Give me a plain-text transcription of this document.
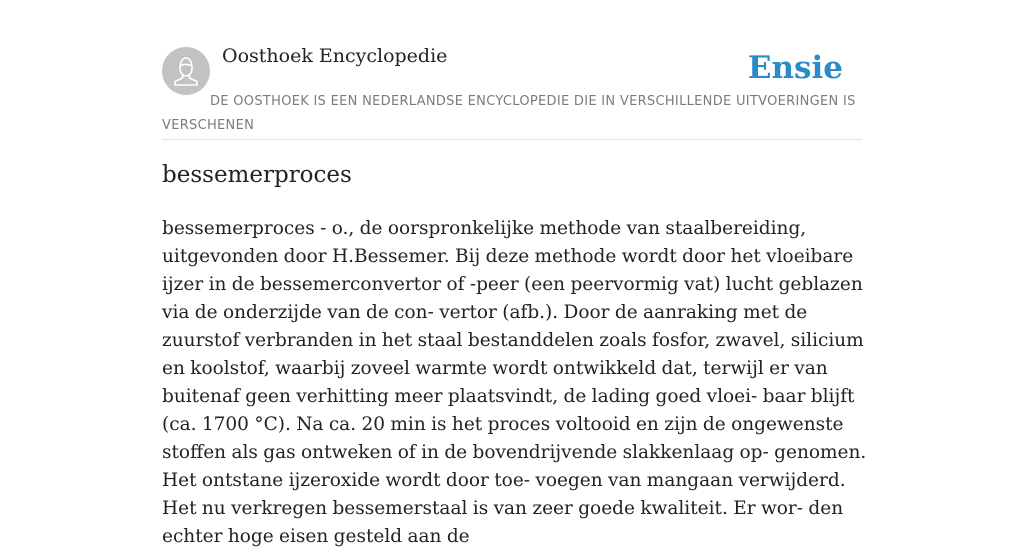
Oosthoek Encyclopedie	Ensie
DE OOSTHOEK IS EEN NEDERLANDSE ENCYCLOPEDIE DIE IN VERSCHILLENDE UITVOERINGEN IS VERSCHENEN
bessemerproces

bessemerproces - o., de oorspronkelijke methode van staalbereiding, uitgevonden door H.Bessemer. Bij deze methode wordt door het vloeibare ijzer in de bessemerconvertor of -peer (een peervormig vat) lucht geblazen via de onderzijde van de con- vertor (afb.). Door de aanraking met de zuurstof verbranden in het staal bestanddelen zoals fosfor, zwavel, silicium en koolstof, waarbij zoveel warmte wordt ontwikkeld dat, terwijl er van buitenaf geen verhitting meer plaatsvindt, de lading goed vloei- baar blijft (ca. 1700 °C). Na ca. 20 min is het proces voltooid en zijn de ongewenste stoffen als gas ontweken of in de bovendrijvende slakkenlaag op- genomen. Het ontstane ijzeroxide wordt door toe- voegen van mangaan verwijderd. Het nu verkregen bessemerstaal is van zeer goede kwaliteit. Er wor- den echter hoge eisen gesteld aan de
